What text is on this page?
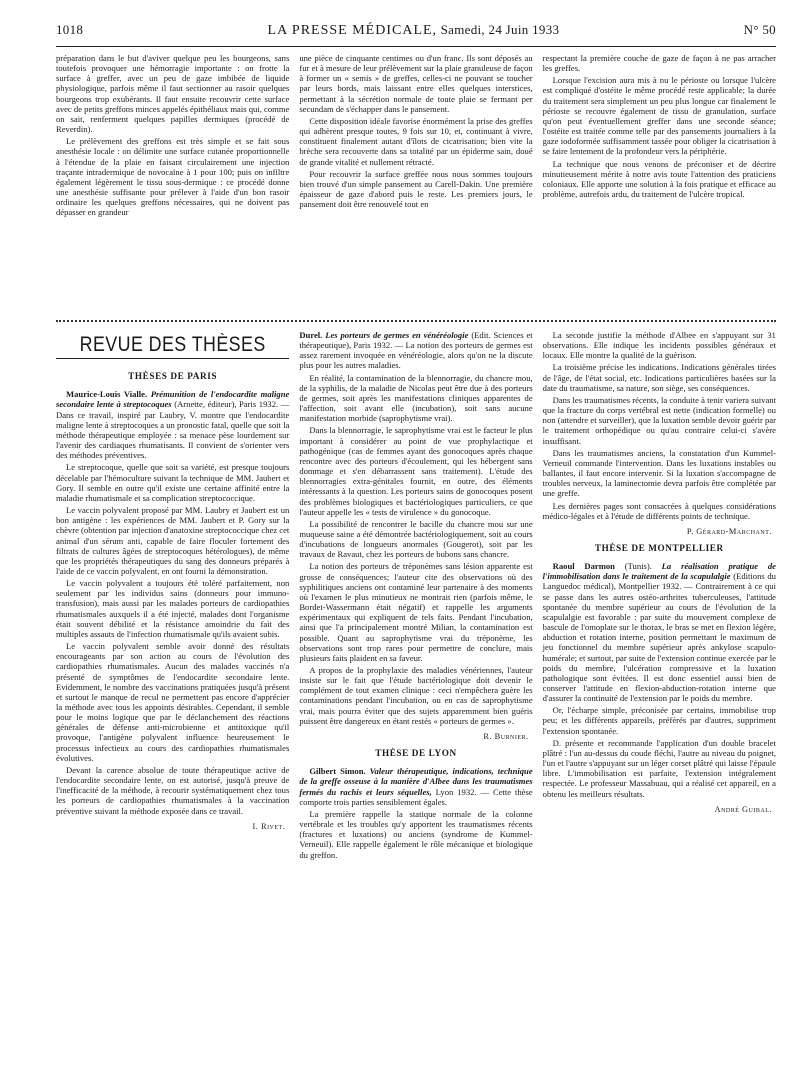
1018	LA PRESSE MÉDICALE, Samedi, 24 Juin 1933	N° 50

préparation dans le but d'aviver quelque peu les bourgeons, sans toutefois provoquer une hémorragie importante : on frotte la surface à greffer, avec un peu de gaze imbibée de liquide physiologique, parfois même il faut sectionner au rasoir quelques bourgeons trop exubérants. Il faut ensuite recouvrir cette surface avec de petits greffons minces appelés épithéliaux mais qui, comme on sait, renferment quelques papilles dermiques (procédé de Reverdin).

Le prélèvement des greffons est très simple et se fait sous anesthésie locale : on délimite une surface cutanée proportionnelle à l'étendue de la plaie en faisant circulairement une injection traçante intradermique de novocaïne à 1 pour 100; puis on infiltre également légèrement le tissu sous-dermique : ce procédé donne une anesthésie suffisante pour prélever à l'aide d'un bon rasoir ordinaire les quelques greffons nécessaires, qui ne doivent pas dépasser en grandeur

une pièce de cinquante centimes ou d'un franc. Ils sont déposés au fur et à mesure de leur prélèvement sur la plaie granuleuse de façon à former un « semis » de greffes, celles-ci ne pouvant se toucher par leurs bords, mais laissant entre elles quelques interstices, permettant à la sécrétion normale de toute plaie se fermant per secundam de s'échapper dans le pansement.

Cette disposition idéale favorise énormément la prise des greffes qui adhèrent presque toutes, 9 fois sur 10, et, continuant à vivre, constituent finalement autant d'îlots de cicatrisation; bien vite la brèche sera recouverte dans sa totalité par un épiderme sain, doué de grande vitalité et nullement rétracté.

Pour recouvrir la surface greffée nous nous sommes toujours bien trouvé d'un simple pansement au Carell-Dakin. Une première épaisseur de gaze d'abord puis le reste. Les premiers jours, le pansement doit être renouvelé tout en

respectant la première couche de gaze de façon à ne pas arracher les greffes.

Lorsque l'excision aura mis à nu le périoste ou lorsque l'ulcère est compliqué d'ostéite le même procédé reste applicable; la durée du traitement sera simplement un peu plus longue car finalement le périoste se recouvre également de tissu de granulation, surface qu'on peut éventuellement greffer dans une seconde séance; l'ostéite est traitée comme telle par des pansements journaliers à la gaze iodoformée suffisamment tassée pour obliger la cicatrisation à se faire lentement de la profondeur vers la périphérie.

La technique que nous venons de préconiser et de décrire minutieusement mérite à notre avis toute l'attention des praticiens coloniaux. Elle apporte une solution à la fois pratique et efficace au problème, autrefois ardu, du traitement de l'ulcère tropical.

REVUE DES THÈSES
THÈSES DE PARIS

Maurice-Louis Vialle. Prémunition de l'endocardite maligne secondaire lente à streptocoques (Arnette, éditeur), Paris 1932. — Dans ce travail, inspiré par Laubry, V. montre que l'endocardite maligne lente à streptocoques a un pronostic fatal, quelle que soit la méthode thérapeutique employée : sa menace pèse lourdement sur l'avenir des cardiaques rhumatisants. Il convient de s'orienter vers des méthodes préventives.

Le streptocoque, quelle que soit sa variété, est presque toujours décelable par l'hémoculture suivant la technique de MM. Jaubert et Gory. Il semble en outre qu'il existe une certaine affinité entre la maladie rhumatismale et sa complication streptococcique.

Le vaccin polyvalent proposé par MM. Laubry et Jaubert est un bon antigène : les expériences de MM. Jaubert et P. Gory sur la chèvre (obtention par injection d'anatoxine streptococcique chez cet animal d'un sérum anti, capable de faire floculer fortement des filtrats de cultures âgées de streptocoques hétérologues), de même que les propriétés thérapeutiques du sang des donneurs préparés à l'aide de ce vaccin polyvalent, en ont fourni la démonstration.

Le vaccin polyvalent a toujours été toléré parfaitement, non seulement par les individus sains (donneurs pour immuno-transfusion), mais aussi par les malades porteurs de cardiopathies rhumatismales auxquels il a été injecté, malades dont l'organisme était souvent débilité et la résistance amoindrie du fait des multiples assauts de l'infection rhumatismale qu'ils avaient subis.

Le vaccin polyvalent semble avoir donné des résultats encourageants par son action au cours de l'évolution des cardiopathies rhumatismales. Aucun des malades vaccinés n'a présenté de symptômes de l'endocardite secondaire lente. Evidemment, le nombre des vaccinations pratiquées jusqu'à présent et surtout le manque de recul ne permettent pas encore d'apprécier la méthode avec tous les appoints désirables. Cependant, il semble pour le moins logique que par le déclanchement des réactions générales de défense anti-microbienne et antitoxique qu'il provoque, l'antigène polyvalent influence heureusement le processus infectieux au cours des cardiopathies rhumatismales évolutives.

Devant la carence absolue de toute thérapeutique active de l'endocardite secondaire lente, on est autorisé, jusqu'à preuve de l'inefficacité de la méthode, à recourir systématiquement chez tous les porteurs de cardiopathies rhumatismales à la vaccination préventive suivant la méthode exposée dans ce travail.

I. Rivet.

Durel. Les porteurs de germes en vénéréologie (Edit. Sciences et thérapeutique), Paris 1932. — La notion des porteurs de germes est assez rarement invoquée en vénéréologie, alors qu'on ne la discute plus pour les autres maladies.

En réalité, la contamination de la blennorragie, du chancre mou, de la syphilis, de la maladie de Nicolas peut être due à des porteurs de germes, soit après les manifestations cliniques apparentes de l'affection, soit avant elle (incubation), soit sans aucune manifestation morbide (saprophytisme vrai).

Dans la blennorragie, le saprophytisme vrai est le facteur le plus important à considérer au point de vue prophylactique et pathogénique (cas de femmes ayant des gonocoques après chaque rencontre avec des porteurs d'écoulement, qui les hébergent sans dommage et s'en débarrassent sans traitement). L'étude des blennorragies extra-génitales fournit, en outre, des éléments intéressants à la question. Les porteurs sains de gonocoques posent des problèmes biologiques et bactériologiques particuliers, ce que l'auteur appelle les « tests de virulence » du gonocoque.

La possibilité de rencontrer le bacille du chancre mou sur une muqueuse saine a été démontrée bactériologiquement, soit au cours d'incubations de longueurs anormales (Gougerot), soit par les travaux de Ravaut, chez les porteurs de bubons sans chancre.

La notion des porteurs de tréponèmes sans lésion apparente est grosse de conséquences; l'auteur cite des observations où des syphilitiques anciens ont contaminé leur partenaire à des moments où l'examen le plus minutieux ne montrait rien (parfois même, le Bordet-Wassermann était négatif) et rappelle les arguments expérimentaux qui expliquent de tels faits. Pendant l'incubation, ainsi que l'a principalement montré Milian, la contamination est possible. Quant au saprophytisme vrai du tréponème, les observations sont trop rares pour permettre de conclure, mais plusieurs faits plaident en sa faveur.

A propos de la prophylaxie des maladies vénériennes, l'auteur insiste sur le fait que l'étude bactériologique doit devenir le complément de tout examen clinique : ceci n'empêchera guère les contaminations pendant l'incubation, ou en cas de saprophytisme vrai, mais pourra éviter que des sujets apparemment bien guéris puissent être dangereux en étant restés « porteurs de germes ».

R. Burnier.
THÈSE DE LYON

Gilbert Simon. Valeur thérapeutique, indications, technique de la greffe osseuse à la manière d'Albee dans les traumatismes fermés du rachis et leurs séquelles, Lyon 1932. — Cette thèse comporte trois parties sensiblement égales.

La première rappelle la statique normale de la colonne vertébrale et les troubles qu'y apportent les traumatismes récents (fractures et luxations) ou anciens (syndrome de Kummel-Verneuil). Elle rappelle également le rôle mécanique et biologique du greffon.

La seconde justifie la méthode d'Albee en s'appuyant sur 31 observations. Elle indique les incidents possibles généraux et locaux. Elle montre la qualité de la guérison.

La troisième précise les indications. Indications générales tirées de l'âge, de l'état social, etc. Indications particulières basées sur la date du traumatisme, sa nature, son siège, ses conséquences.

Dans les traumatismes récents, la conduite à tenir variera suivant que la fracture du corps vertébral est nette (indication formelle) ou non (attendre et surveiller), que la luxation semble devoir guérir par le traitement orthopédique ou qu'au contraire celui-ci s'avère insuffisant.

Dans les traumatismes anciens, la constatation d'un Kummel-Verneuil commande l'intervention. Dans les luxations instables ou ballantes, il faut encore intervenir. Si la luxation s'accompagne de troubles nerveux, la laminectomie devra parfois être complétée par une greffe.

Les dernières pages sont consacrées à quelques considérations médico-légales et à l'étude de différents points de technique.

P. Gérard-Marchant.
THÈSE DE MONTPELLIER

Raoul Darmon (Tunis). La réalisation pratique de l'immobilisation dans le traitement de la scapulalgie (Editions du Languedoc médical), Montpellier 1932. — Contrairement à ce qui se passe dans les autres ostéo-arthrites tuberculeuses, l'attitude spontanée du membre supérieur au cours de l'évolution de la scapulalgie est favorable : par suite du mouvement complexe de bascule de l'omoplate sur le thorax, le bras se met en flexion légère, abduction et rotation interne, position permettant le maximum de jeu fonctionnel du membre supérieur après ankylose scapulo-humérale; et surtout, par suite de l'extension continue exercée par le poids du membre, l'ulcération compressive et la luxation pathologique sont évitées. Il est donc essentiel aussi bien de conserver l'attitude en flexion-abduction-rotation interne que d'assurer la continuité de l'extension par le poids du membre.

Or, l'écharpe simple, préconisée par certains, immobilise trop peu; et les différents appareils, préférés par d'autres, suppriment l'extension spontanée.

D. présente et recommande l'application d'un double bracelet plâtré : l'un au-dessus du coude fléchi, l'autre au niveau du poignet, l'un et l'autre s'appuyant sur un léger corset plâtré qui laisse l'épaule libre. L'immobilisation est parfaite, l'extension intégralement respectée. Le professeur Massabuau, qui a réalisé cet appareil, en a obtenu les meilleurs résultats.

André Guibal.
